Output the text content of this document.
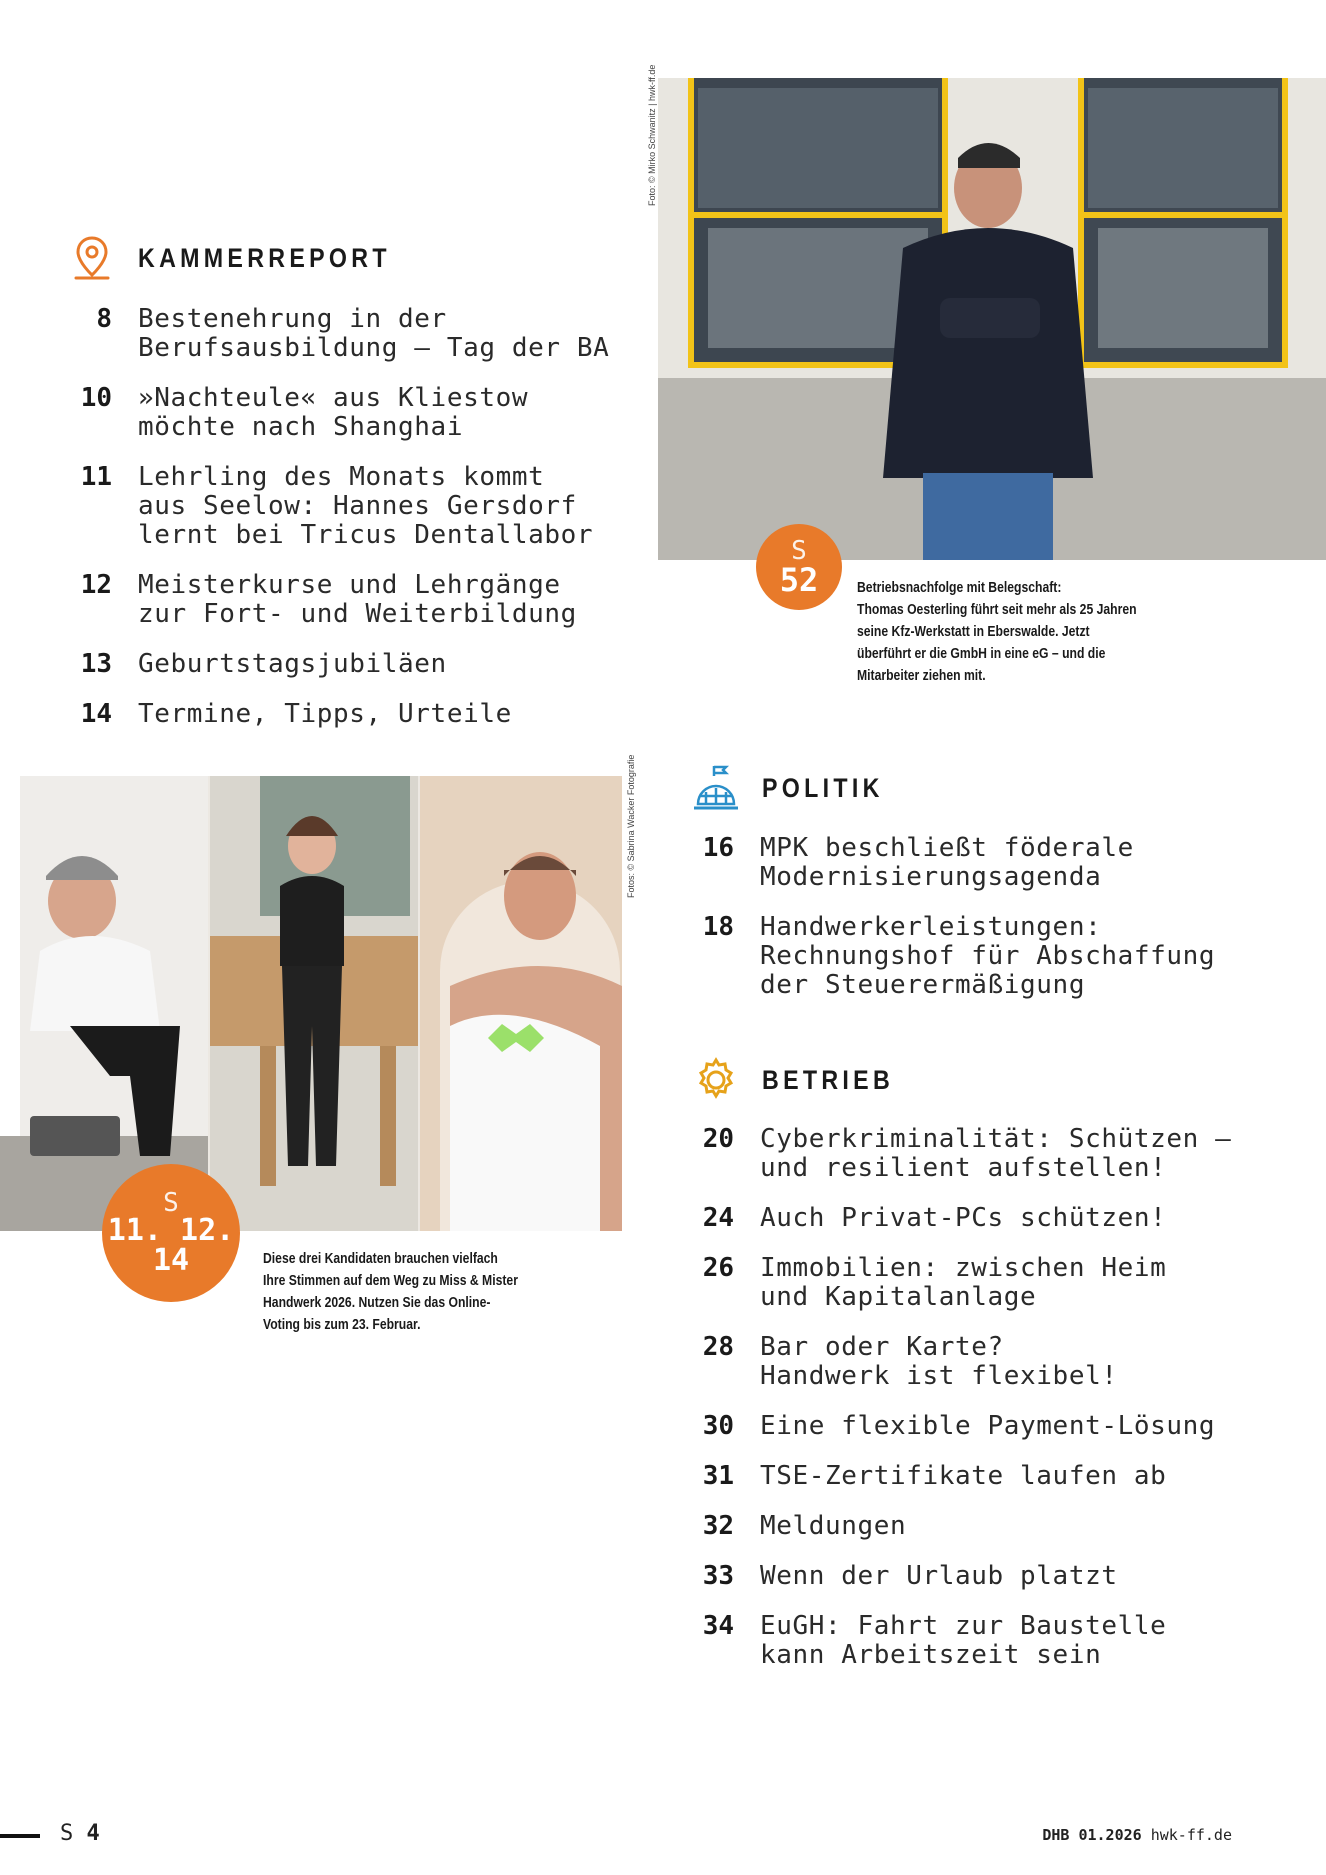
KAMMERREPORT
8 Bestenehrung in der
Berufsausbildung — Tag der BA
10 »Nachteule« aus Kliestow
möchte nach Shanghai
11 Lehrling des Monats kommt
aus Seelow: Hannes Gersdorf
lernt bei Tricus Dentallabor
12 Meisterkurse und Lehrgänge
zur Fort- und Weiterbildung
13 Geburtstagsjubiläen
14 Termine, Tipps, Urteile
Foto: © Mirko Schwanitz | hwk-ff.de
S
52	Betriebsnachfolge mit Belegschaft:
Thomas Oesterling führt seit mehr als 25 Jahren
seine Kfz-Werkstatt in Eberswalde. Jetzt
überführt er die GmbH in eine eG – und die
Mitarbeiter ziehen mit.
POLITIK
16 MPK beschließt föderale
Modernisierungsagenda
18 Handwerkerleistungen:
Rechnungshof für Abschaffung
der Steuerermäßigung
Fotos: © Sabrina Wacker Fotografie
S
11. 12.
14	Diese drei Kandidaten brauchen vielfach
Ihre Stimmen auf dem Weg zu Miss & Mister
Handwerk 2026. Nutzen Sie das Online-
Voting bis zum 23. Februar.
BETRIEB
20 Cyberkriminalität: Schützen —
und resilient aufstellen!
24 Auch Privat-PCs schützen!
26 Immobilien: zwischen Heim
und Kapitalanlage
28 Bar oder Karte?
Handwerk ist flexibel!
30 Eine flexible Payment-Lösung
31 TSE-Zertifikate laufen ab
32 Meldungen
33 Wenn der Urlaub platzt
34 EuGH: Fahrt zur Baustelle
kann Arbeitszeit sein
S 4	DHB 01.2026 hwk-ff.de
